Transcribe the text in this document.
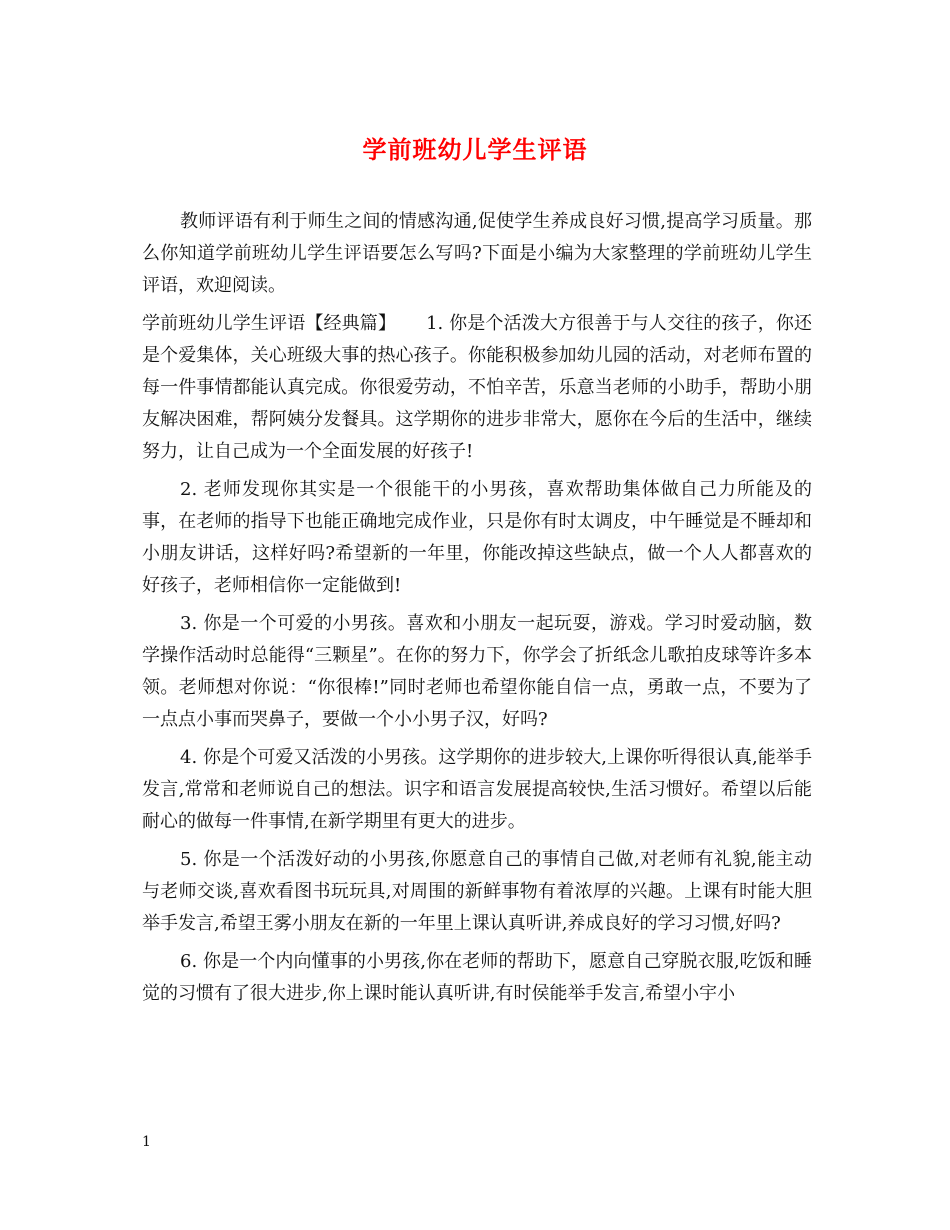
学前班幼儿学生评语

教师评语有利于师生之间的情感沟通,促使学生养成良好习惯,提高学习质量。那么你知道学前班幼儿学生评语要怎么写吗?下面是小编为大家整理的学前班幼儿学生评语，欢迎阅读。

学前班幼儿学生评语【经典篇】 1. 你是个活泼大方很善于与人交往的孩子，你还是个爱集体，关心班级大事的热心孩子。你能积极参加幼儿园的活动，对老师布置的每一件事情都能认真完成。你很爱劳动，不怕辛苦，乐意当老师的小助手，帮助小朋友解决困难，帮阿姨分发餐具。这学期你的进步非常大，愿你在今后的生活中，继续努力，让自己成为一个全面发展的好孩子!

2. 老师发现你其实是一个很能干的小男孩，喜欢帮助集体做自己力所能及的事，在老师的指导下也能正确地完成作业，只是你有时太调皮，中午睡觉是不睡却和小朋友讲话，这样好吗?希望新的一年里，你能改掉这些缺点，做一个人人都喜欢的好孩子，老师相信你一定能做到!

3. 你是一个可爱的小男孩。喜欢和小朋友一起玩耍，游戏。学习时爱动脑，数学操作活动时总能得“三颗星”。在你的努力下，你学会了折纸念儿歌拍皮球等许多本领。老师想对你说：“你很棒!”同时老师也希望你能自信一点，勇敢一点，不要为了一点点小事而哭鼻子，要做一个小小男子汉，好吗?

4. 你是个可爱又活泼的小男孩。这学期你的进步较大,上课你听得很认真,能举手发言,常常和老师说自己的想法。识字和语言发展提高较快,生活习惯好。希望以后能耐心的做每一件事情,在新学期里有更大的进步。

5. 你是一个活泼好动的小男孩,你愿意自己的事情自己做,对老师有礼貌,能主动与老师交谈,喜欢看图书玩玩具,对周围的新鲜事物有着浓厚的兴趣。上课有时能大胆举手发言,希望王雾小朋友在新的一年里上课认真听讲,养成良好的学习习惯,好吗?

6. 你是一个内向懂事的小男孩,你在老师的帮助下，愿意自己穿脱衣服,吃饭和睡觉的习惯有了很大进步,你上课时能认真听讲,有时侯能举手发言,希望小宇小

1
